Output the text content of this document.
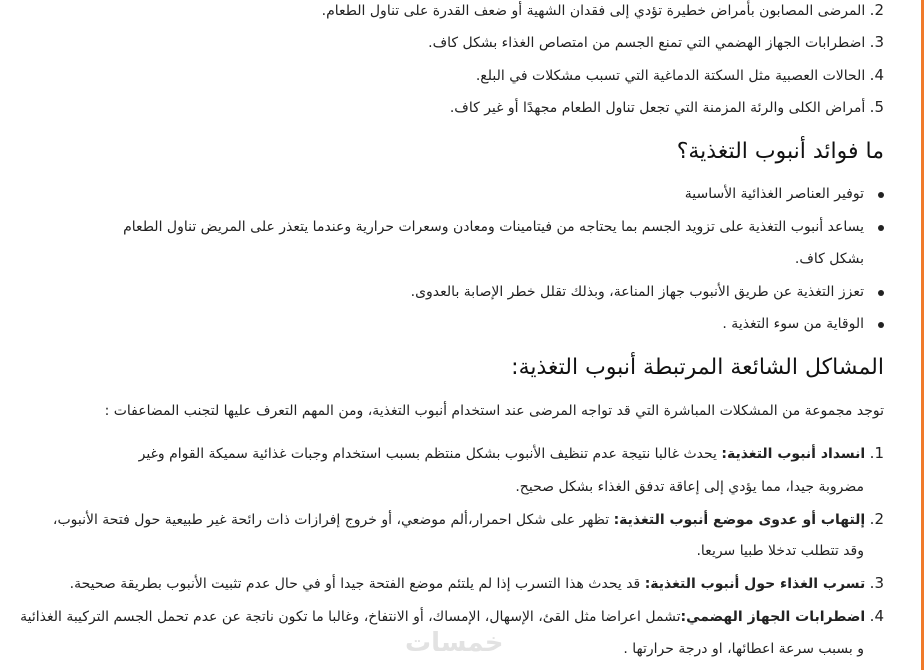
2. المرضى المصابون بأمراض خطيرة تؤدي إلى فقدان الشهية أو ضعف القدرة على تناول الطعام.
3. اضطرابات الجهاز الهضمي التي تمنع الجسم من امتصاص الغذاء بشكل كاف.
4. الحالات العصبية مثل السكتة الدماغية التي تسبب مشكلات في البلع.
5. أمراض الكلى والرئة المزمنة التي تجعل تناول الطعام مجهدًا أو غير كاف.
ما فوائد أنبوب التغذية؟
توفير العناصر الغذائية الأساسية
يساعد أنبوب التغذية على تزويد الجسم بما يحتاجه من فيتامينات ومعادن وسعرات حرارية وعندما يتعذر على المريض تناول الطعام
بشكل كاف.
تعزز التغذية عن طريق الأنبوب جهاز المناعة، وبذلك تقلل خطر الإصابة بالعدوى.
الوقاية من سوء التغذية .
المشاكل الشائعة المرتبطة أنبوب التغذية:
توجد مجموعة من المشكلات المباشرة التي قد تواجه المرضى عند استخدام أنبوب التغذية، ومن المهم التعرف عليها لتجنب المضاعفات :
1. انسداد أنبوب التغذية: يحدث غالبا نتيجة عدم تنظيف الأنبوب بشكل منتظم بسبب استخدام وجبات غذائية سميكة القوام وغير
مضروبة جيدا، مما يؤدي إلى إعاقة تدفق الغذاء بشكل صحيح.
2. إلتهاب أو عدوى موضع أنبوب التغذية: تظهر على شكل احمرار،ألم موضعي، أو خروج إفرازات ذات رائحة غير طبيعية حول فتحة الأنبوب،
وقد تتطلب تدخلا طبيا سريعا.
3. تسرب الغذاء حول أنبوب التغذية: قد يحدث هذا التسرب إذا لم يلتئم موضع الفتحة جيدا أو في حال عدم تثبيت الأنبوب بطريقة صحيحة.
4. اضطرابات الجهاز الهضمي:تشمل اعراضا مثل القئ، الإسهال، الإمساك، أو الانتفاخ، وغالبا ما تكون ناتجة عن عدم تحمل الجسم التركيبة الغذائية
و بسبب سرعة اعطائها، او درجة حرارتها .
خمسات
